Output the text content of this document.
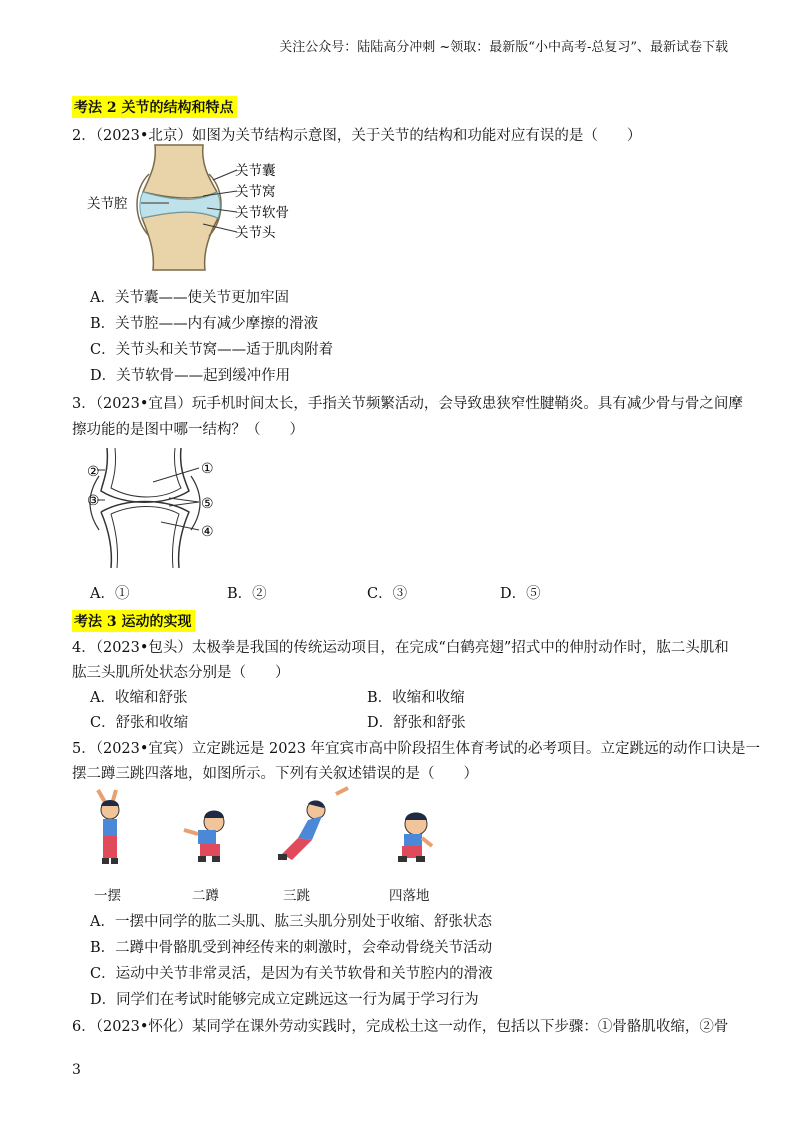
关注公众号：陆陆高分冲刺 ~领取：最新版“小中高考-总复习”、最新试卷下载
考法 2 关节的结构和特点
2．（2023•北京）如图为关节结构示意图，关于关节的结构和功能对应有误的是（　　）
关节囊
关节窝
关节软骨
关节头
关节腔
A．关节囊——使关节更加牢固
B．关节腔——内有减少摩擦的滑液
C．关节头和关节窝——适于肌肉附着
D．关节软骨——起到缓冲作用
3．（2023•宜昌）玩手机时间太长，手指关节频繁活动，会导致患狭窄性腱鞘炎。具有减少骨与骨之间摩
擦功能的是图中哪一结构？（　　）
②	①
③	⑤
④
A．①	B．②	C．③	D．⑤
考法 3 运动的实现
4．（2023•包头）太极拳是我国的传统运动项目，在完成“白鹤亮翅”招式中的伸肘动作时，肱二头肌和
肱三头肌所处状态分别是（　　）
A．收缩和舒张	B．收缩和收缩
C．舒张和收缩	D．舒张和舒张
5．（2023•宜宾）立定跳远是 2023 年宜宾市高中阶段招生体育考试的必考项目。立定跳远的动作口诀是一
摆二蹲三跳四落地，如图所示。下列有关叙述错误的是（　　）
一摆	二蹲	三跳	四落地
A．一摆中同学的肱二头肌、肱三头肌分别处于收缩、舒张状态
B．二蹲中骨骼肌受到神经传来的刺激时，会牵动骨绕关节活动
C．运动中关节非常灵活，是因为有关节软骨和关节腔内的滑液
D．同学们在考试时能够完成立定跳远这一行为属于学习行为
6．（2023•怀化）某同学在课外劳动实践时，完成松土这一动作，包括以下步骤：①骨骼肌收缩，②骨
3
